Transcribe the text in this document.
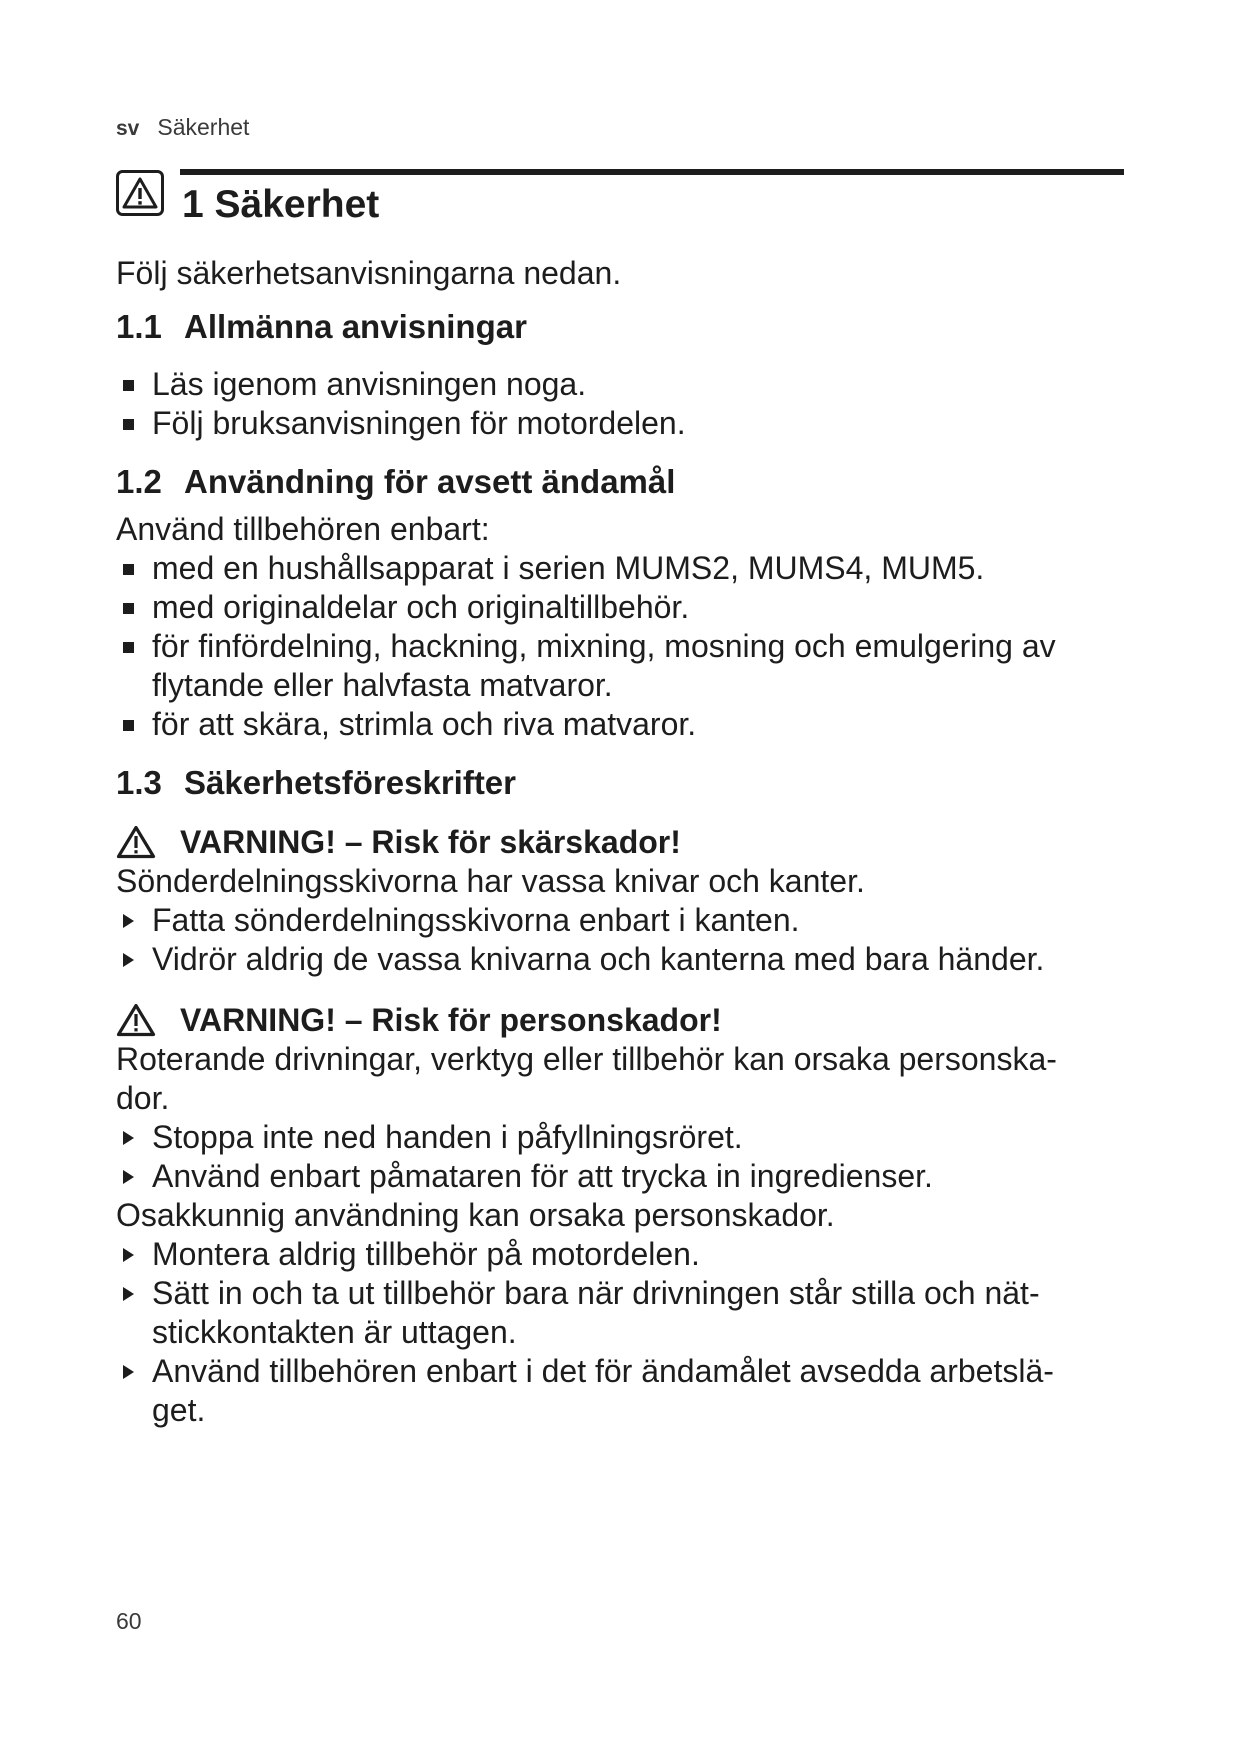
sv Säkerhet
1 Säkerhet

Följ säkerhetsanvisningarna nedan.

1.1 Allmänna anvisningar
Läs igenom anvisningen noga.
Följ bruksanvisningen för motordelen.
1.2 Användning för avsett ändamål

Använd tillbehören enbart:

med en hushållsapparat i serien MUMS2, MUMS4, MUM5.
med originaldelar och originaltillbehör.
för finfördelning, hackning, mixning, mosning och emulgering av
flytande eller halvfasta matvaror.
för att skära, strimla och riva matvaror.
1.3 Säkerhetsföreskrifter
VARNING! – Risk för skärskador!

Sönderdelningsskivorna har vassa knivar och kanter.

Fatta sönderdelningsskivorna enbart i kanten.
Vidrör aldrig de vassa knivarna och kanterna med bara händer.
VARNING! – Risk för personskador!

Roterande drivningar, verktyg eller tillbehör kan orsaka personska-

dor.

Stoppa inte ned handen i påfyllningsröret.
Använd enbart påmataren för att trycka in ingredienser.

Osakkunnig användning kan orsaka personskador.

Montera aldrig tillbehör på motordelen.
Sätt in och ta ut tillbehör bara när drivningen står stilla och nät-
stickkontakten är uttagen.
Använd tillbehören enbart i det för ändamålet avsedda arbetslä-
get.
60
